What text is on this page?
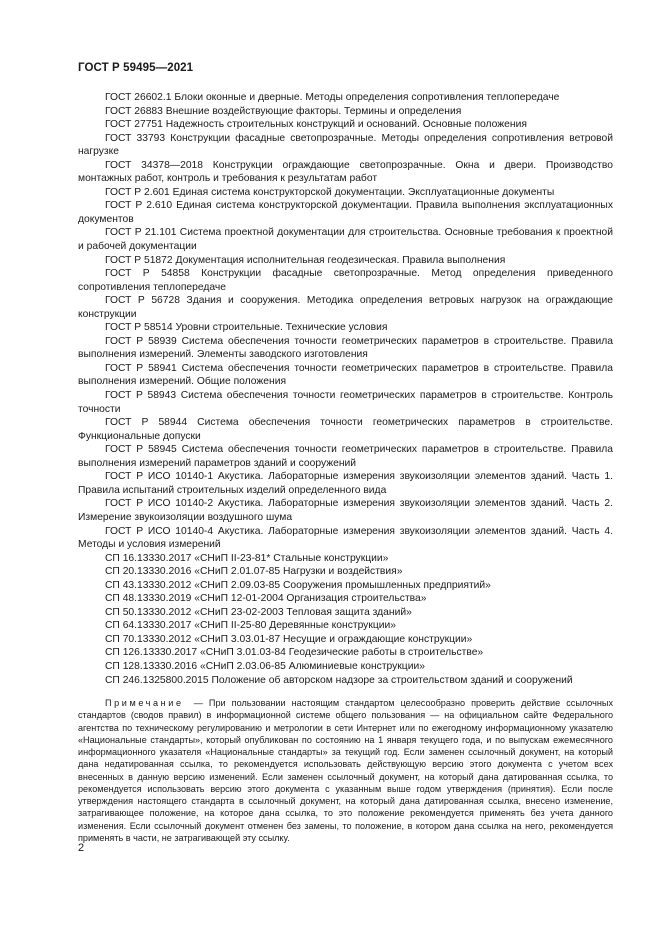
ГОСТ Р 59495—2021

ГОСТ 26602.1 Блоки оконные и дверные. Методы определения сопротивления теплопередаче

ГОСТ 26883 Внешние воздействующие факторы. Термины и определения

ГОСТ 27751 Надежность строительных конструкций и оснований. Основные положения

ГОСТ 33793 Конструкции фасадные светопрозрачные. Методы определения сопротивления ветровой нагрузке

ГОСТ 34378—2018 Конструкции ограждающие светопрозрачные. Окна и двери. Производство монтажных работ, контроль и требования к результатам работ

ГОСТ Р 2.601 Единая система конструкторской документации. Эксплуатационные документы

ГОСТ Р 2.610 Единая система конструкторской документации. Правила выполнения эксплуатационных документов

ГОСТ Р 21.101 Система проектной документации для строительства. Основные требования к проектной и рабочей документации

ГОСТ Р 51872 Документация исполнительная геодезическая. Правила выполнения

ГОСТ Р 54858 Конструкции фасадные светопрозрачные. Метод определения приведенного сопротивления теплопередаче

ГОСТ Р 56728 Здания и сооружения. Методика определения ветровых нагрузок на ограждающие конструкции

ГОСТ Р 58514 Уровни строительные. Технические условия

ГОСТ Р 58939 Система обеспечения точности геометрических параметров в строительстве. Правила выполнения измерений. Элементы заводского изготовления

ГОСТ Р 58941 Система обеспечения точности геометрических параметров в строительстве. Правила выполнения измерений. Общие положения

ГОСТ Р 58943 Система обеспечения точности геометрических параметров в строительстве. Контроль точности

ГОСТ Р 58944 Система обеспечения точности геометрических параметров в строительстве. Функциональные допуски

ГОСТ Р 58945 Система обеспечения точности геометрических параметров в строительстве. Правила выполнения измерений параметров зданий и сооружений

ГОСТ Р ИСО 10140-1 Акустика. Лабораторные измерения звукоизоляции элементов зданий. Часть 1. Правила испытаний строительных изделий определенного вида

ГОСТ Р ИСО 10140-2 Акустика. Лабораторные измерения звукоизоляции элементов зданий. Часть 2. Измерение звукоизоляции воздушного шума

ГОСТ Р ИСО 10140-4 Акустика. Лабораторные измерения звукоизоляции элементов зданий. Часть 4. Методы и условия измерений

СП 16.13330.2017 «СНиП II-23-81* Стальные конструкции»

СП 20.13330.2016 «СНиП 2.01.07-85 Нагрузки и воздействия»

СП 43.13330.2012 «СНиП 2.09.03-85 Сооружения промышленных предприятий»

СП 48.13330.2019 «СНиП 12-01-2004 Организация строительства»

СП 50.13330.2012 «СНиП 23-02-2003 Тепловая защита зданий»

СП 64.13330.2017 «СНиП II-25-80 Деревянные конструкции»

СП 70.13330.2012 «СНиП 3.03.01-87 Несущие и ограждающие конструкции»

СП 126.13330.2017 «СНиП 3.01.03-84 Геодезические работы в строительстве»

СП 128.13330.2016 «СНиП 2.03.06-85 Алюминиевые конструкции»

СП 246.1325800.2015 Положение об авторском надзоре за строительством зданий и сооружений

Примечание — При пользовании настоящим стандартом целесообразно проверить действие ссылочных стандартов (сводов правил) в информационной системе общего пользования — на официальном сайте Федерального агентства по техническому регулированию и метрологии в сети Интернет или по ежегодному информационному указателю «Национальные стандарты», который опубликован по состоянию на 1 января текущего года, и по выпускам ежемесячного информационного указателя «Национальные стандарты» за текущий год. Если заменен ссылочный документ, на который дана недатированная ссылка, то рекомендуется использовать действующую версию этого документа с учетом всех внесенных в данную версию изменений. Если заменен ссылочный документ, на который дана датированная ссылка, то рекомендуется использовать версию этого документа с указанным выше годом утверждения (принятия). Если после утверждения настоящего стандарта в ссылочный документ, на который дана датированная ссылка, внесено изменение, затрагивающее положение, на которое дана ссылка, то это положение рекомендуется применять без учета данного изменения. Если ссылочный документ отменен без замены, то положение, в котором дана ссылка на него, рекомендуется применять в части, не затрагивающей эту ссылку.

2
